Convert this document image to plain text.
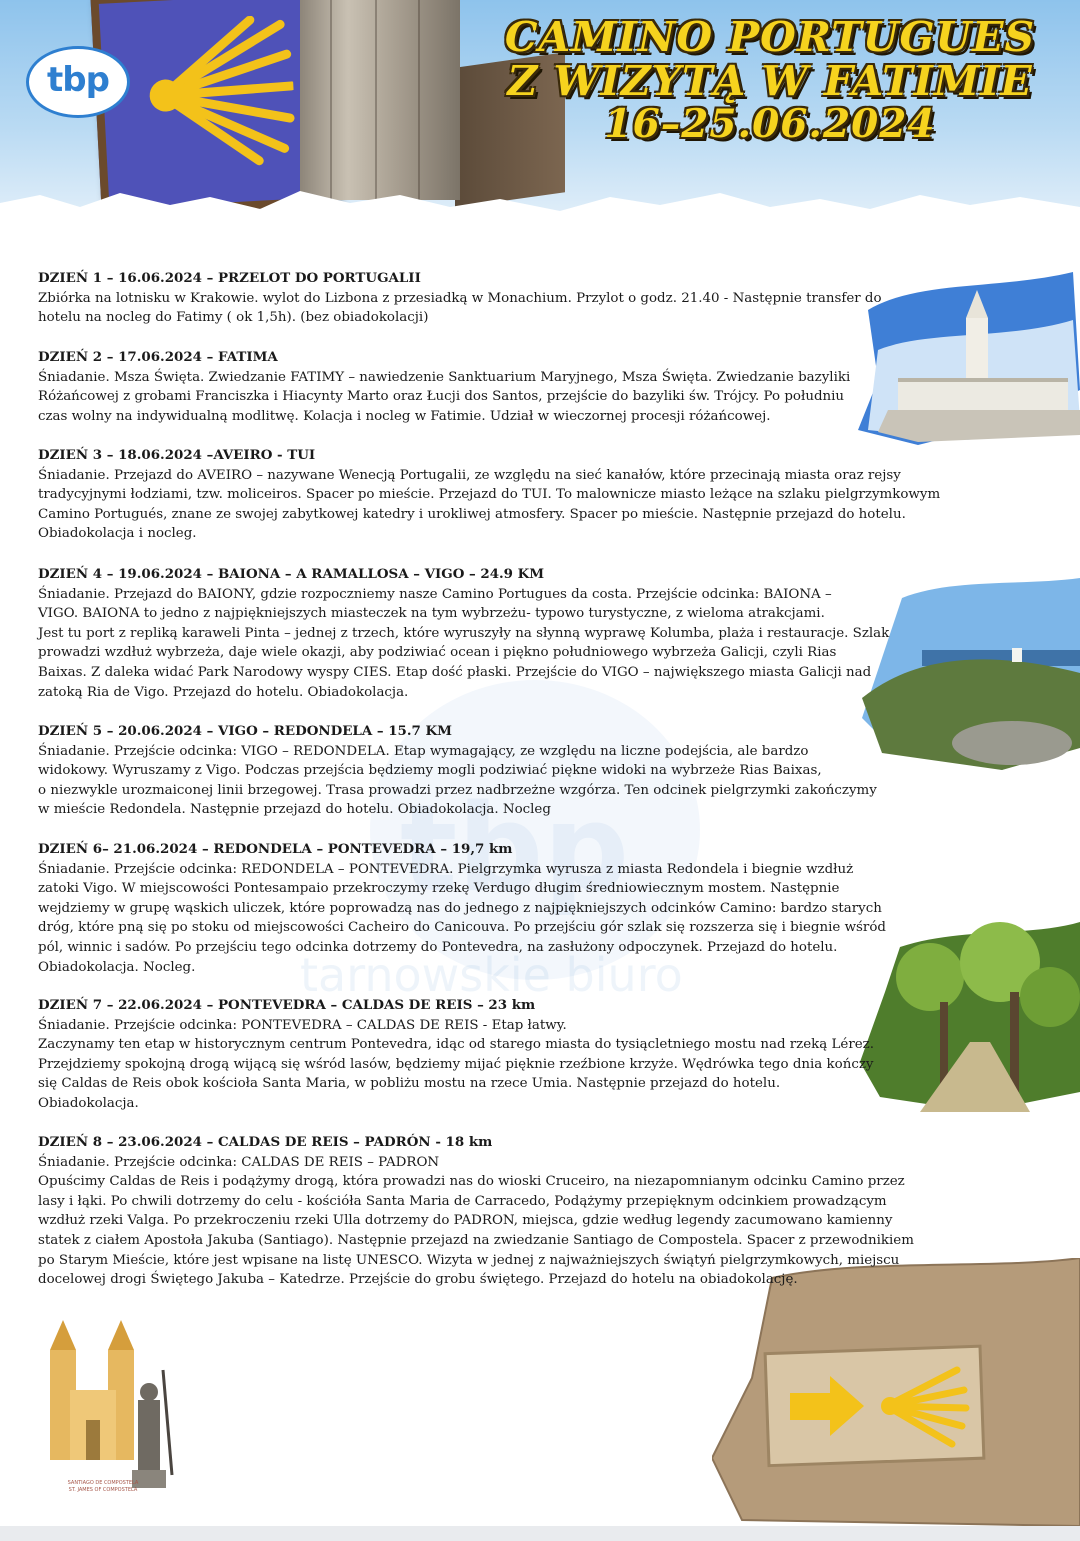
tbp
CAMINO PORTUGUES
Z WIZYTĄ W FATIMIE
16–25.06.2024
tbp
tarnowskie biuro
SANTIAGO DE COMPOSTELA
ST. JAMES OF COMPOSTELA
DZIEŃ 1 – 16.06.2024 – PRZELOT DO PORTUGALII
Zbiórka na lotnisku w Krakowie. wylot do Lizbona z przesiadką w Monachium. Przylot o godz. 21.40 - Następnie transfer do
hotelu na nocleg do Fatimy ( ok 1,5h). (bez obiadokolacji)
DZIEŃ 2 – 17.06.2024 – FATIMA
Śniadanie. Msza Święta. Zwiedzanie FATIMY – nawiedzenie Sanktuarium Maryjnego, Msza Święta. Zwiedzanie bazyliki
Różańcowej z grobami Franciszka i Hiacynty Marto oraz Łucji dos Santos, przejście do bazyliki św. Trójcy. Po południu
czas wolny na indywidualną modlitwę. Kolacja i nocleg w Fatimie. Udział w wieczornej procesji różańcowej.
DZIEŃ 3 – 18.06.2024 –AVEIRO - TUI
Śniadanie. Przejazd do AVEIRO – nazywane Wenecją Portugalii, ze względu na sieć kanałów, które przecinają miasta oraz rejsy
tradycyjnymi łodziami, tzw. moliceiros. Spacer po mieście. Przejazd do TUI. To malownicze miasto leżące na szlaku pielgrzymkowym
Camino Portugués, znane ze swojej zabytkowej katedry i urokliwej atmosfery. Spacer po mieście. Następnie przejazd do hotelu.
Obiadokolacja i nocleg.
DZIEŃ 4 – 19.06.2024 – BAIONA – A RAMALLOSA – VIGO – 24.9 KM
Śniadanie. Przejazd do BAIONY, gdzie rozpoczniemy nasze Camino Portugues da costa. Przejście odcinka: BAIONA –
VIGO. BAIONA to jedno z najpiękniejszych miasteczek na tym wybrzeżu- typowo turystyczne, z wieloma atrakcjami.
Jest tu port z repliką karaweli Pinta – jednej z trzech, które wyruszyły na słynną wyprawę Kolumba, plaża i restauracje. Szlak
prowadzi wzdłuż wybrzeża, daje wiele okazji, aby podziwiać ocean i piękno południowego wybrzeża Galicji, czyli Rias
Baixas. Z daleka widać Park Narodowy wyspy CIES. Etap dość płaski. Przejście do VIGO – największego miasta Galicji nad
zatoką Ria de Vigo. Przejazd do hotelu. Obiadokolacja.
DZIEŃ 5 – 20.06.2024 – VIGO – REDONDELA – 15.7 KM
Śniadanie. Przejście odcinka: VIGO – REDONDELA. Etap wymagający, ze względu na liczne podejścia, ale bardzo
widokowy. Wyruszamy z Vigo. Podczas przejścia będziemy mogli podziwiać piękne widoki na wybrzeże Rias Baixas,
o niezwykle urozmaiconej linii brzegowej. Trasa prowadzi przez nadbrzeżne wzgórza. Ten odcinek pielgrzymki zakończymy
w mieście Redondela. Następnie przejazd do hotelu. Obiadokolacja. Nocleg
DZIEŃ 6– 21.06.2024 – REDONDELA – PONTEVEDRA – 19,7 km
Śniadanie. Przejście odcinka: REDONDELA – PONTEVEDRA. Pielgrzymka wyrusza z miasta Redondela i biegnie wzdłuż
zatoki Vigo. W miejscowości Pontesampaio przekroczymy rzekę Verdugo długim średniowiecznym mostem. Następnie
wejdziemy w grupę wąskich uliczek, które poprowadzą nas do jednego z najpiękniejszych odcinków Camino: bardzo starych
dróg, które pną się po stoku od miejscowości Cacheiro do Canicouva. Po przejściu gór szlak się rozszerza się i biegnie wśród
pól, winnic i sadów. Po przejściu tego odcinka dotrzemy do Pontevedra, na zasłużony odpoczynek. Przejazd do hotelu.
Obiadokolacja. Nocleg.
DZIEŃ 7 – 22.06.2024 – PONTEVEDRA – CALDAS DE REIS – 23 km
Śniadanie. Przejście odcinka: PONTEVEDRA – CALDAS DE REIS - Etap łatwy.
Zaczynamy ten etap w historycznym centrum Pontevedra, idąc od starego miasta do tysiącletniego mostu nad rzeką Lérez.
Przejdziemy spokojną drogą wijącą się wśród lasów, będziemy mijać pięknie rzeźbione krzyże. Wędrówka tego dnia kończy
się Caldas de Reis obok kościoła Santa Maria, w pobliżu mostu na rzece Umia. Następnie przejazd do hotelu.
Obiadokolacja.
DZIEŃ 8 – 23.06.2024 – CALDAS DE REIS – PADRÓN - 18 km
Śniadanie. Przejście odcinka: CALDAS DE REIS – PADRON
Opuścimy Caldas de Reis i podążymy drogą, która prowadzi nas do wioski Cruceiro, na niezapomnianym odcinku Camino przez
lasy i łąki. Po chwili dotrzemy do celu - kościółа Santa Maria de Carracedo, Podążymy przepięknym odcinkiem prowadzącym
wzdłuż rzeki Valga. Po przekroczeniu rzeki Ulla dotrzemy do PADRON, miejsca, gdzie według legendy zacumowano kamienny
statek z ciałem Apostoła Jakuba (Santiago). Następnie przejazd na zwiedzanie Santiago de Compostela. Spacer z przewodnikiem
po Starym Mieście, które jest wpisane na listę UNESCO. Wizyta w jednej z najważniejszych świątyń pielgrzymkowych, miejscu
docelowej drogi Świętego Jakuba – Katedrze. Przejście do grobu świętego. Przejazd do hotelu na obiadokolację.
